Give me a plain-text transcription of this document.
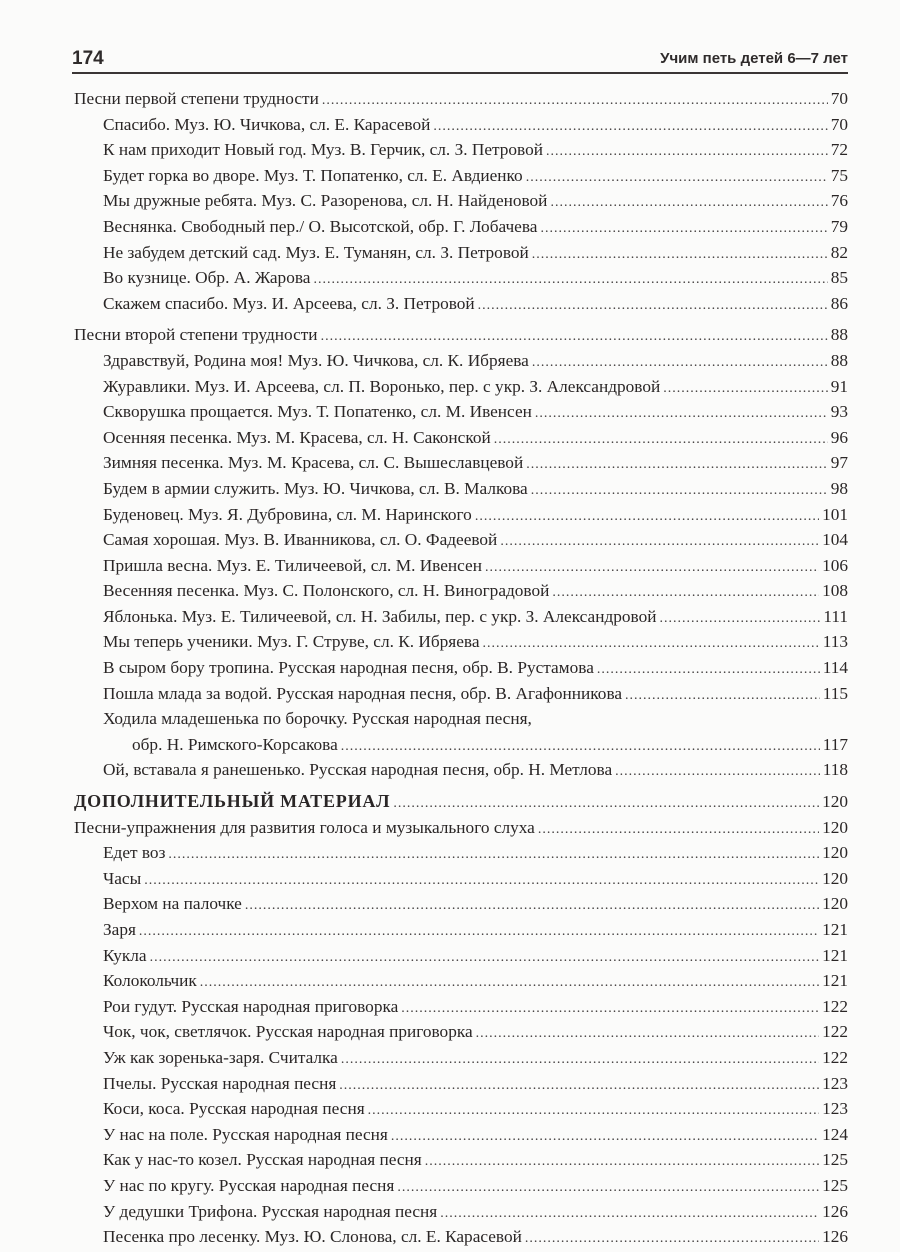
174	Учим петь детей 6—7 лет
Песни первой степени трудности .....	70
Спасибо. Муз. Ю. Чичкова, сл. Е. Карасевой .....	70
К нам приходит Новый год. Муз. В. Герчик, сл. З. Петровой .....	72
Будет горка во дворе. Муз. Т. Попатенко, сл. Е. Авдиенко .....	75
Мы дружные ребята. Муз. С. Разоренова, сл. Н. Найденовой .....	76
Веснянка. Свободный пер./ О. Высотской, обр. Г. Лобачева .....	79
Не забудем детский сад. Муз. Е. Туманян, сл. З. Петровой .....	82
Во кузнице. Обр. А. Жарова .....	85
Скажем спасибо. Муз. И. Арсеева, сл. З. Петровой .....	86
Песни второй степени трудности .....	88
Здравствуй, Родина моя! Муз. Ю. Чичкова, сл. К. Ибряева .....	88
Журавлики. Муз. И. Арсеева, сл. П. Воронько, пер. с укр. З. Александровой .....	91
Скворушка прощается. Муз. Т. Попатенко, сл. М. Ивенсен .....	93
Осенняя песенка. Муз. М. Красева, сл. Н. Саконской .....	96
Зимняя песенка. Муз. М. Красева, сл. С. Вышеславцевой .....	97
Будем в армии служить. Муз. Ю. Чичкова, сл. В. Малкова .....	98
Буденовец. Муз. Я. Дубровина, сл. М. Наринского .....	101
Самая хорошая. Муз. В. Иванникова, сл. О. Фадеевой .....	104
Пришла весна. Муз. Е. Тиличеевой, сл. М. Ивенсен .....	106
Весенняя песенка. Муз. С. Полонского, сл. Н. Виноградовой .....	108
Яблонька. Муз. Е. Тиличеевой, сл. Н. Забилы, пер. с укр. З. Александровой .....	111
Мы теперь ученики. Муз. Г. Струве, сл. К. Ибряева .....	113
В сыром бору тропина. Русская народная песня, обр. В. Рустамова .....	114
Пошла млада за водой. Русская народная песня, обр. В. Агафонникова .....	115
Ходила младешенька по борочку. Русская народная песня,
обр. Н. Римского-Корсакова .....	117
Ой, вставала я ранешенько. Русская народная песня, обр. Н. Метлова .....	118
ДОПОЛНИТЕЛЬНЫЙ МАТЕРИАЛ .....	120
Песни-упражнения для развития голоса и музыкального слуха .....	120
Едет воз .....	120
Часы .....	120
Верхом на палочке .....	120
Заря .....	121
Кукла .....	121
Колокольчик .....	121
Рои гудут. Русская народная приговорка .....	122
Чок, чок, светлячок. Русская народная приговорка .....	122
Уж как зоренька-заря. Считалка .....	122
Пчелы. Русская народная песня .....	123
Коси, коса. Русская народная песня .....	123
У нас на поле. Русская народная песня .....	124
Как у нас-то козел. Русская народная песня .....	125
У нас по кругу. Русская народная песня .....	125
У дедушки Трифона. Русская народная песня .....	126
Песенка про лесенку. Муз. Ю. Слонова, сл. Е. Карасевой .....	126
